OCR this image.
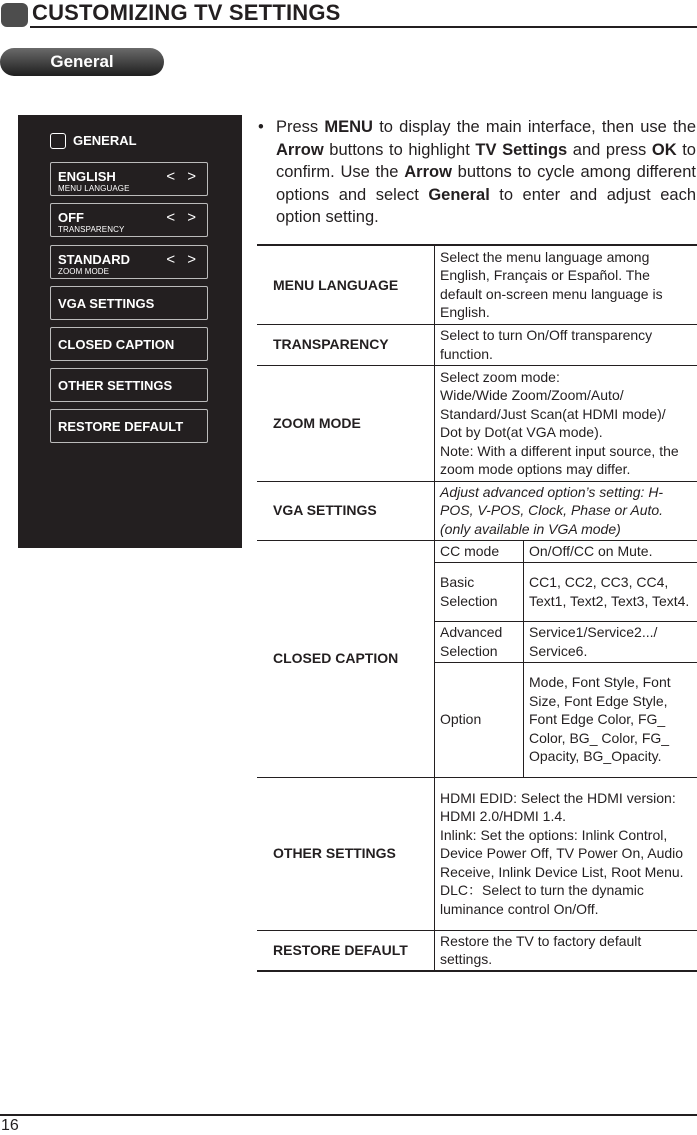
CUSTOMIZING TV SETTINGS
General
GENERAL
ENGLISH
MENU LANGUAGE
< >
OFF
TRANSPARENCY
< >
STANDARD
ZOOM MODE
< >
VGA SETTINGS
CLOSED CAPTION
OTHER SETTINGS
RESTORE DEFAULT
• Press MENU to display the main interface, then use the Arrow buttons to highlight TV Settings and press OK to confirm. Use the Arrow buttons to cycle among different options and select General to enter and adjust each option setting.

MENU LANGUAGE	Select the menu language among English, Français or Español. The default on-screen menu language is English.	
TRANSPARENCY	Select to turn On/Off transparency function.	
ZOOM MODE	Select zoom mode:
Wide/Wide Zoom/Zoom/Auto/
Standard/Just Scan(at HDMI mode)/
Dot by Dot(at VGA mode).
Note: With a different input source, the zoom mode options may differ.	
VGA SETTINGS	Adjust advanced option’s setting: H-POS, V-POS, Clock, Phase or Auto. (only available in VGA mode)	
CLOSED CAPTION	CC mode	On/Off/CC on Mute.
	Basic Selection	CC1, CC2, CC3, CC4, Text1, Text2, Text3, Text4.
	Advanced Selection	Service1/Service2.../
Service6.
	Option	Mode, Font Style, Font Size, Font Edge Style, Font Edge Color, FG_ Color, BG_ Color, FG_ Opacity, BG_Opacity.
OTHER SETTINGS	HDMI EDID: Select the HDMI version: HDMI 2.0/HDMI 1.4.
Inlink: Set the options: Inlink Control, Device Power Off, TV Power On, Audio Receive, Inlink Device List, Root Menu.
DLC：Select to turn the dynamic luminance control On/Off.	
RESTORE DEFAULT	Restore the TV to factory default settings.	
16
